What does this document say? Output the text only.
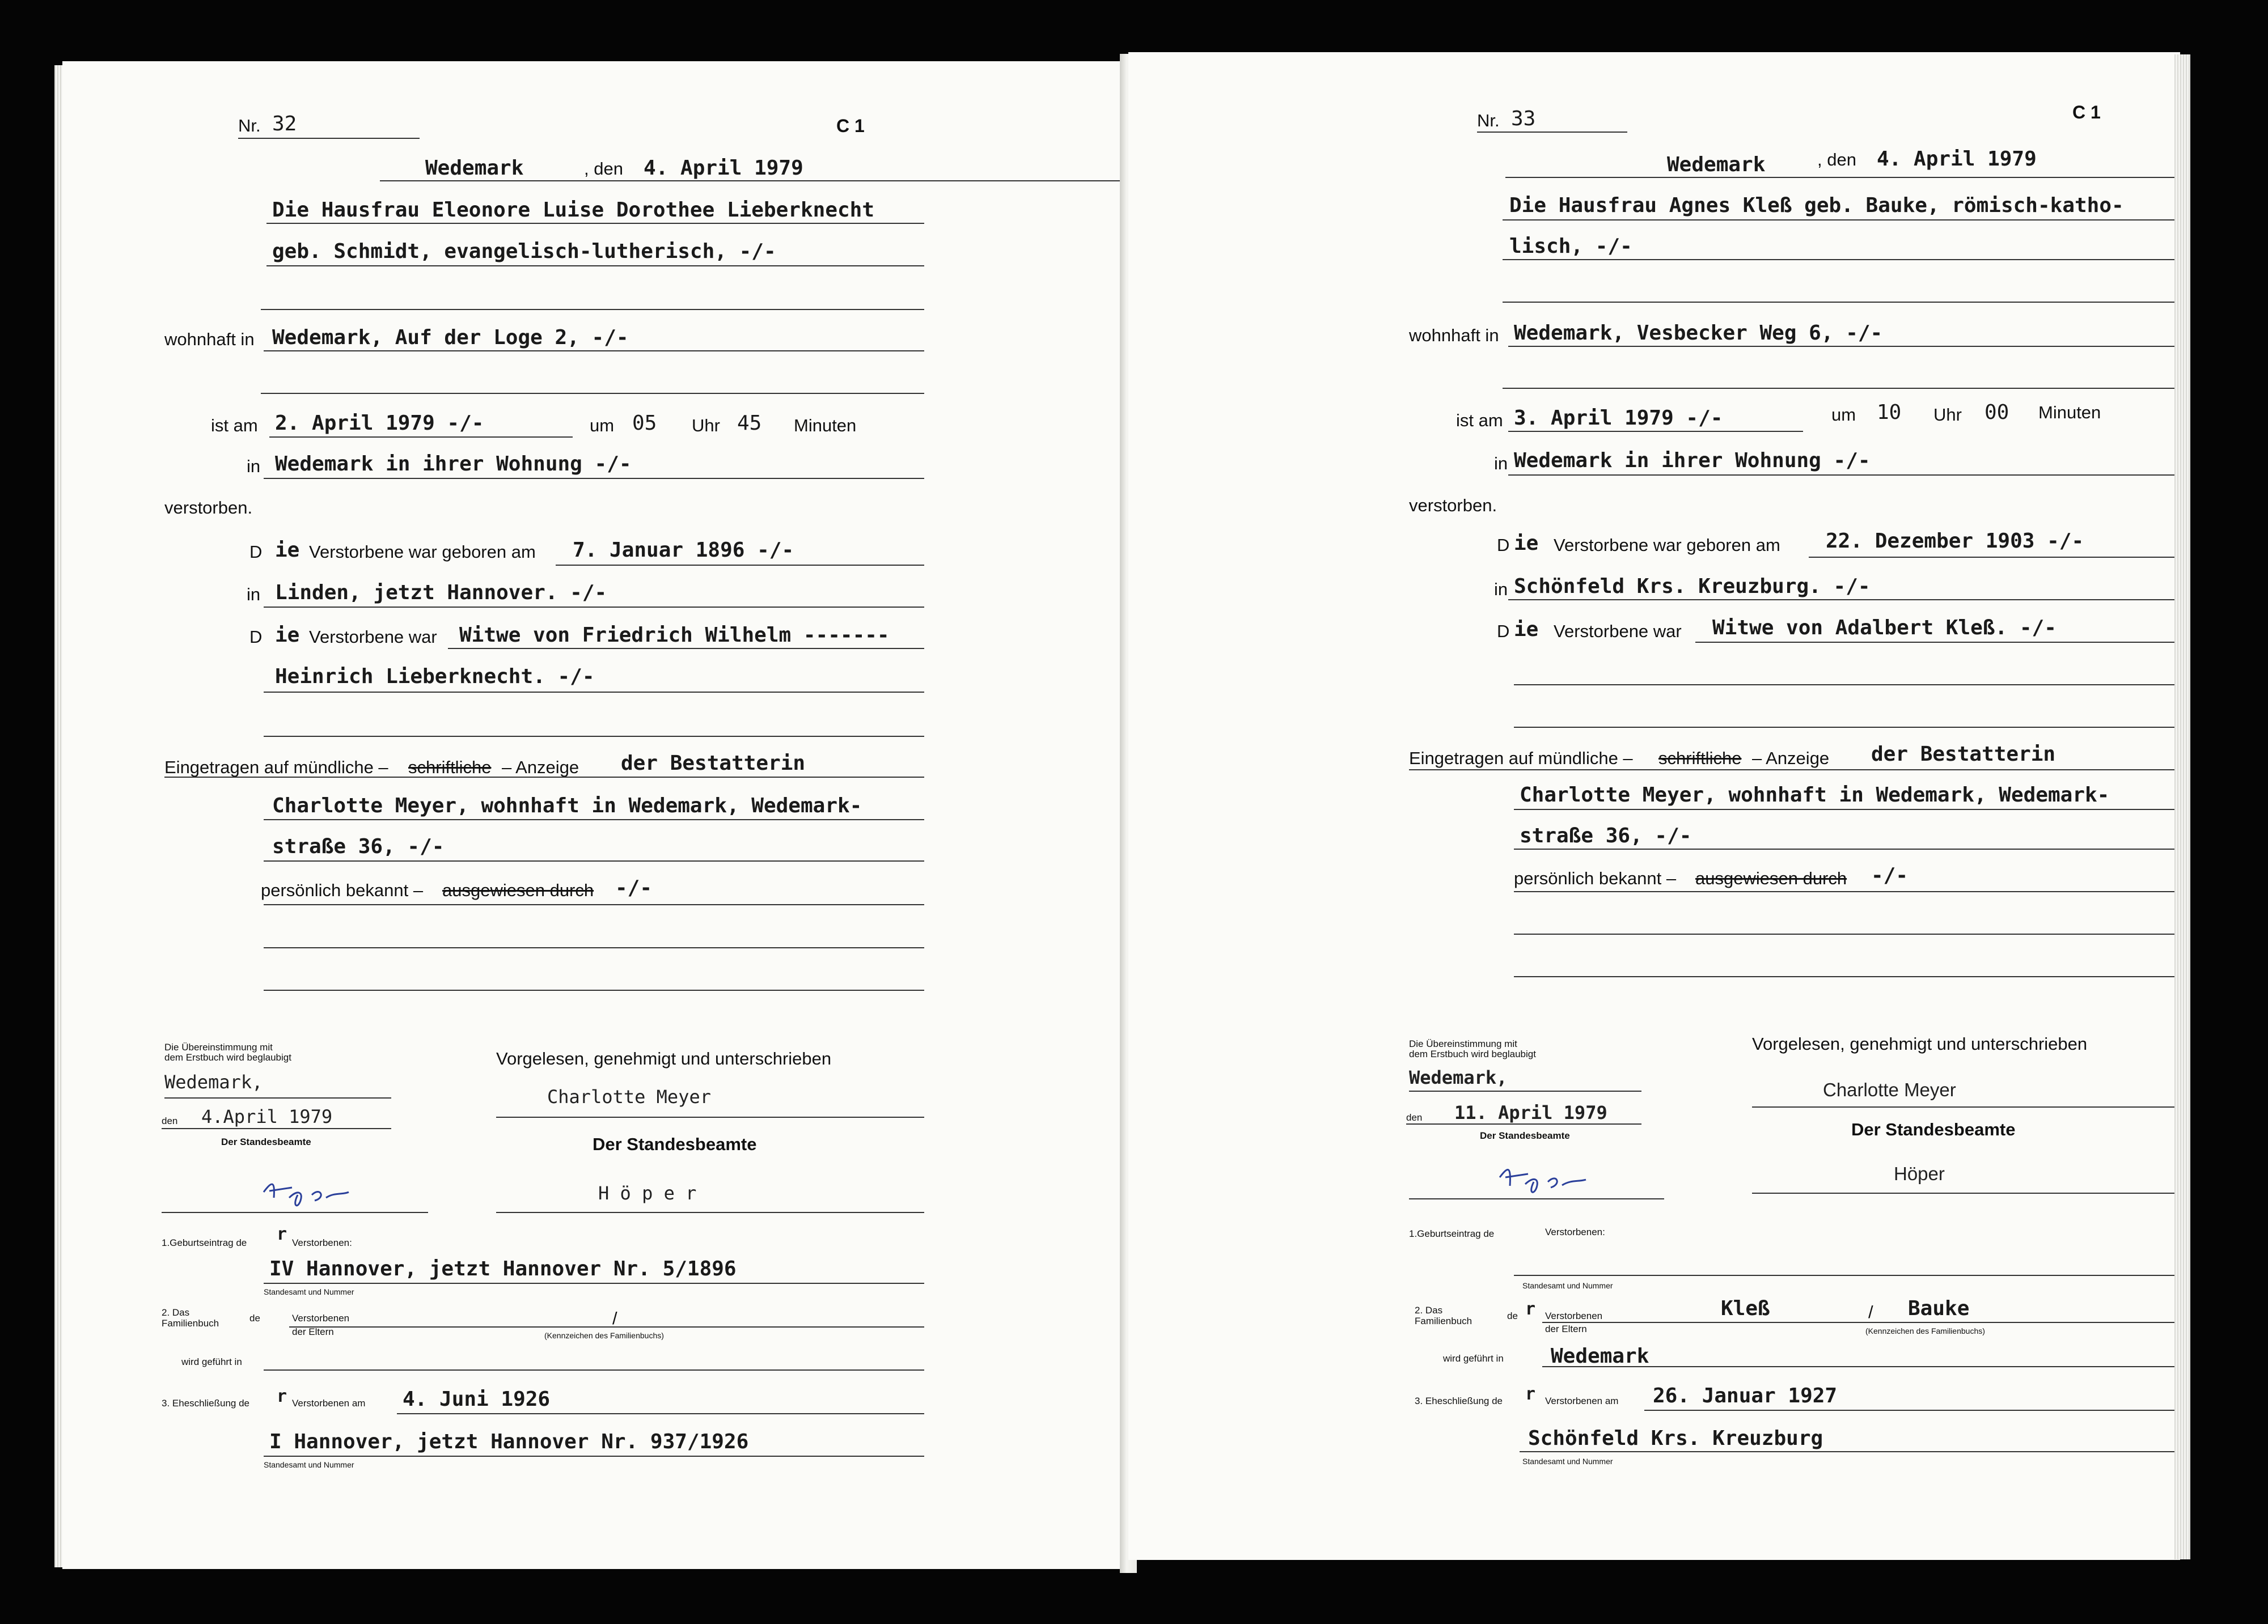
Nr. 32	C 1
Wedemark	, den 4. April 1979
Die Hausfrau Eleonore Luise Dorothee Lieberknecht
geb. Schmidt, evangelisch-lutherisch, -/-
wohnhaft in Wedemark, Auf der Loge 2, -/-
ist am 2. April 1979 -/-	um 05 Uhr 45 Minuten
in Wedemark in ihrer Wohnung -/-
verstorben.
D ie Verstorbene war geboren am 7. Januar 1896 -/-
in Linden, jetzt Hannover. -/-
D ie Verstorbene war Witwe von Friedrich Wilhelm -------
Heinrich Lieberknecht. -/-
Eingetragen auf mündliche – schriftliche – Anzeige der Bestatterin
Charlotte Meyer, wohnhaft in Wedemark, Wedemark-
straße 36, -/-
persönlich bekannt – ausgewiesen durch -/-
Die Übereinstimmung mit
dem Erstbuch wird beglaubigt
Wedemark,
den 4.April 1979
Der Standesbeamte
Vorgelesen, genehmigt und unterschrieben
Charlotte Meyer
Der Standesbeamte
H ö p e r
1.Geburtseintrag de r Verstorbenen:
IV Hannover, jetzt Hannover Nr. 5/1896
Standesamt und Nummer
2. Das
Familienbuch	de	Verstorbenen
der Eltern
/
(Kennzeichen des Familienbuchs)
wird geführt in
3. Eheschließung de r Verstorbenen am 4. Juni 1926
I Hannover, jetzt Hannover Nr. 937/1926
Standesamt und Nummer
Nr. 33	C 1
Wedemark	, den 4. April 1979
Die Hausfrau Agnes Kleß geb. Bauke, römisch-katho-
lisch, -/-
wohnhaft in Wedemark, Vesbecker Weg 6, -/-
ist am 3. April 1979 -/-	um 10 Uhr 00 Minuten
in Wedemark in ihrer Wohnung -/-
verstorben.
D ie Verstorbene war geboren am 22. Dezember 1903 -/-
in Schönfeld Krs. Kreuzburg. -/-
D ie Verstorbene war Witwe von Adalbert Kleß. -/-
Eingetragen auf mündliche – schriftliche – Anzeige der Bestatterin
Charlotte Meyer, wohnhaft in Wedemark, Wedemark-
straße 36, -/-
persönlich bekannt – ausgewiesen durch -/-
Die Übereinstimmung mit
dem Erstbuch wird beglaubigt
Wedemark,
den 11. April 1979
Der Standesbeamte
Vorgelesen, genehmigt und unterschrieben
Charlotte Meyer
Der Standesbeamte
Höper
1.Geburtseintrag de	Verstorbenen:
Standesamt und Nummer
2. Das
Familienbuch	de r Verstorbenen
der Eltern
Kleß	/ Bauke
(Kennzeichen des Familienbuchs)
wird geführt in Wedemark
3. Eheschließung de r Verstorbenen am 26. Januar 1927
Schönfeld Krs. Kreuzburg
Standesamt und Nummer
